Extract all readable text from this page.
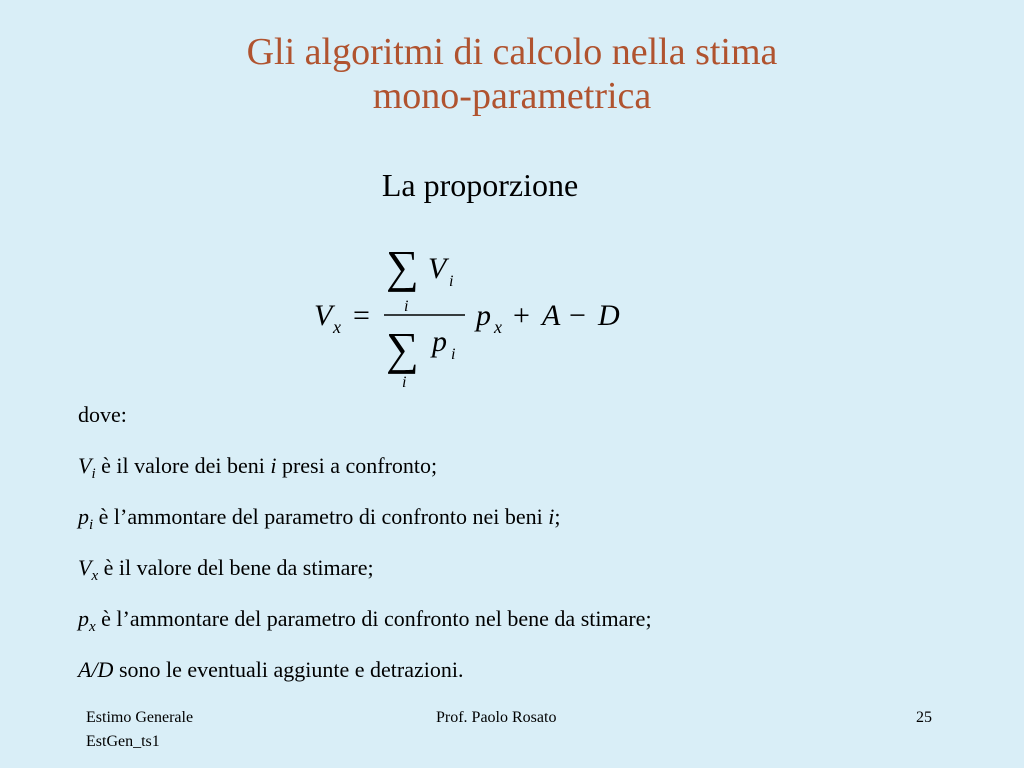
Gli algoritmi di calcolo nella stima
mono-parametrica
La proporzione
V x =
∑ V i
i
∑ p i
i
p x + A − D
dove:
$V_i$ è il valore dei beni i presi a confronto;
$p_i$ è l’ammontare del parametro di confronto nei beni i;
$V_x$ è il valore del bene da stimare;
$p_x$ è l’ammontare del parametro di confronto nel bene da stimare;
A/D sono le eventuali aggiunte e detrazioni.
Estimo Generale
EstGen_ts1
Prof. Paolo Rosato	25
